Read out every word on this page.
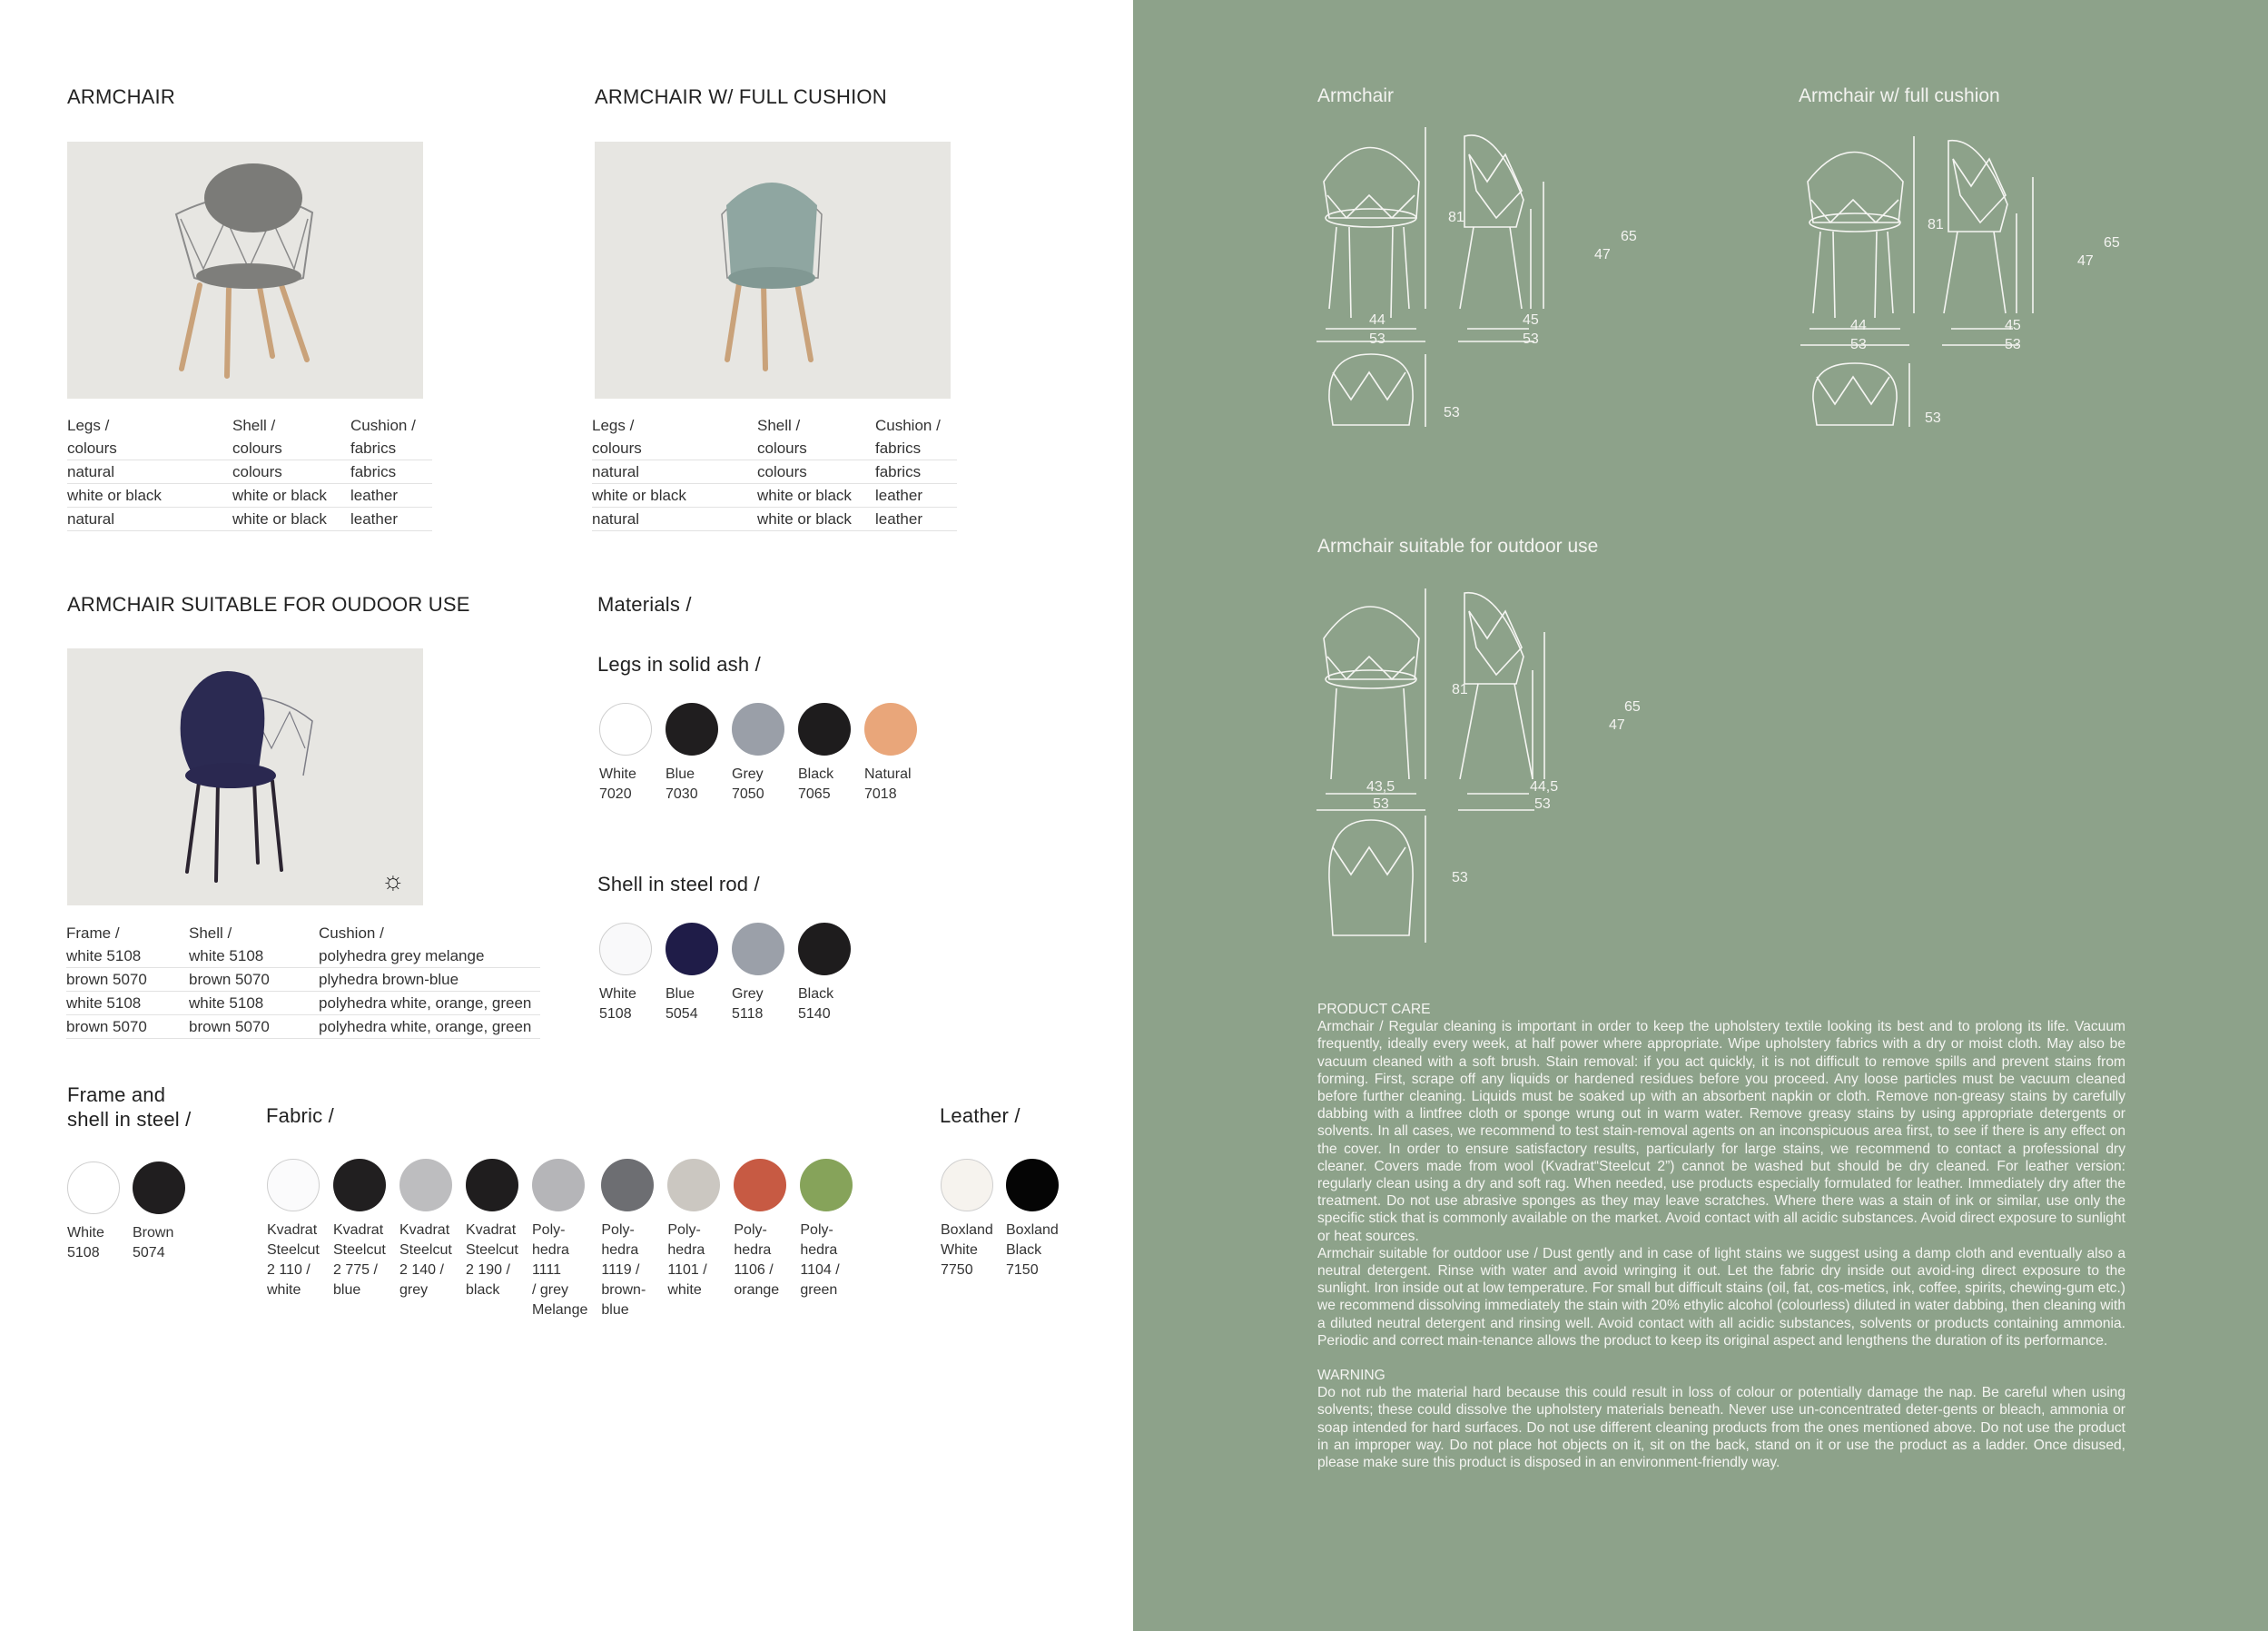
ARMCHAIR
Legs /	Shell /	Cushion /
colours	colours	fabrics
natural	colours	fabrics
white or black	white or black	leather
natural	white or black	leather
ARMCHAIR W/ FULL CUSHION
Legs /	Shell /	Cushion /
colours	colours	fabrics
natural	colours	fabrics
white or black	white or black	leather
natural	white or black	leather
ARMCHAIR SUITABLE FOR OUDOOR USE
☼
Frame /	Shell /	Cushion /
white 5108	white 5108	polyhedra grey melange
brown 5070	brown 5070	plyhedra brown-blue
white 5108	white 5108	polyhedra white, orange, green
brown 5070	brown 5070	polyhedra white, orange, green
Materials /
Legs in solid ash /
White
7020
Blue
7030
Grey
7050
Black
7065
Natural
7018
Shell in steel rod /
White
5108
Blue
5054
Grey
5118
Black
5140
Frame and
shell in steel /
White
5108
Brown
5074
Fabric /
Kvadrat
Steelcut
2 110 /
white
Kvadrat
Steelcut
2 775 /
blue
Kvadrat
Steelcut
2 140 /
grey
Kvadrat
Steelcut
2 190 /
black
Poly-
hedra
1111
/ grey
Melange
Poly-
hedra
1119 /
brown-
blue
Poly-
hedra
1101 /
white
Poly-
hedra
1106 /
orange
Poly-
hedra
1104 /
green
Leather /
Boxland
White
7750
Boxland
Black
7150
Armchair
81
44
53
65
47
45
53
53
Armchair w/ full cushion
81
44
53
65
47
45
53
53
Armchair suitable for outdoor use
81
43,5
53
65
47
44,5
53
53

PRODUCT CARE

Armchair / Regular cleaning is important in order to keep the upholstery textile looking its best and to prolong its life. Vacuum frequently, ideally every week, at half power where appropriate. Wipe upholstery fabrics with a dry or moist cloth. May also be vacuum cleaned with a soft brush. Stain removal: if you act quickly, it is not difficult to remove spills and prevent stains from forming. First, scrape off any liquids or hardened residues before you proceed. Any loose particles must be vacuum cleaned before further cleaning. Liquids must be soaked up with an absorbent napkin or cloth. Remove non-greasy stains by carefully dabbing with a lintfree cloth or sponge wrung out in warm water. Remove greasy stains by using appropriate detergents or solvents. In all cases, we recommend to test stain-removal agents on an inconspicuous area first, to see if there is any effect on the cover. In order to ensure satisfactory results, particularly for large stains, we recommend to contact a professional dry cleaner. Covers made from wool (Kvadrat“Steelcut 2”) cannot be washed but should be dry cleaned. For leather version: regularly clean using a dry and soft rag. When needed, use products especially formulated for leather. Immediately dry after the treatment. Do not use abrasive sponges as they may leave scratches. Where there was a stain of ink or similar, use only the specific stick that is commonly available on the market. Avoid contact with all acidic substances. Avoid direct exposure to sunlight or heat sources.

Armchair suitable for outdoor use / Dust gently and in case of light stains we suggest using a damp cloth and eventually also a neutral detergent. Rinse with water and avoid wringing it out. Let the fabric dry inside out avoid-ing direct exposure to the sunlight. Iron inside out at low temperature. For small but difficult stains (oil, fat, cos-metics, ink, coffee, spirits, chewing-gum etc.) we recommend dissolving immediately the stain with 20% ethylic alcohol (colourless) diluted in water dabbing, then cleaning with a diluted neutral detergent and rinsing well. Avoid contact with all acidic substances, solvents or products containing ammonia. Periodic and correct main-tenance allows the product to keep its original aspect and lengthens the duration of its performance.

WARNING

Do not rub the material hard because this could result in loss of colour or potentially damage the nap. Be careful when using solvents; these could dissolve the upholstery materials beneath. Never use un-concentrated deter-gents or bleach, ammonia or soap intended for hard surfaces. Do not use different cleaning products from the ones mentioned above. Do not use the product in an improper way. Do not place hot objects on it, sit on the back, stand on it or use the product as a ladder. Once disused, please make sure this product is disposed in an environment-friendly way.
